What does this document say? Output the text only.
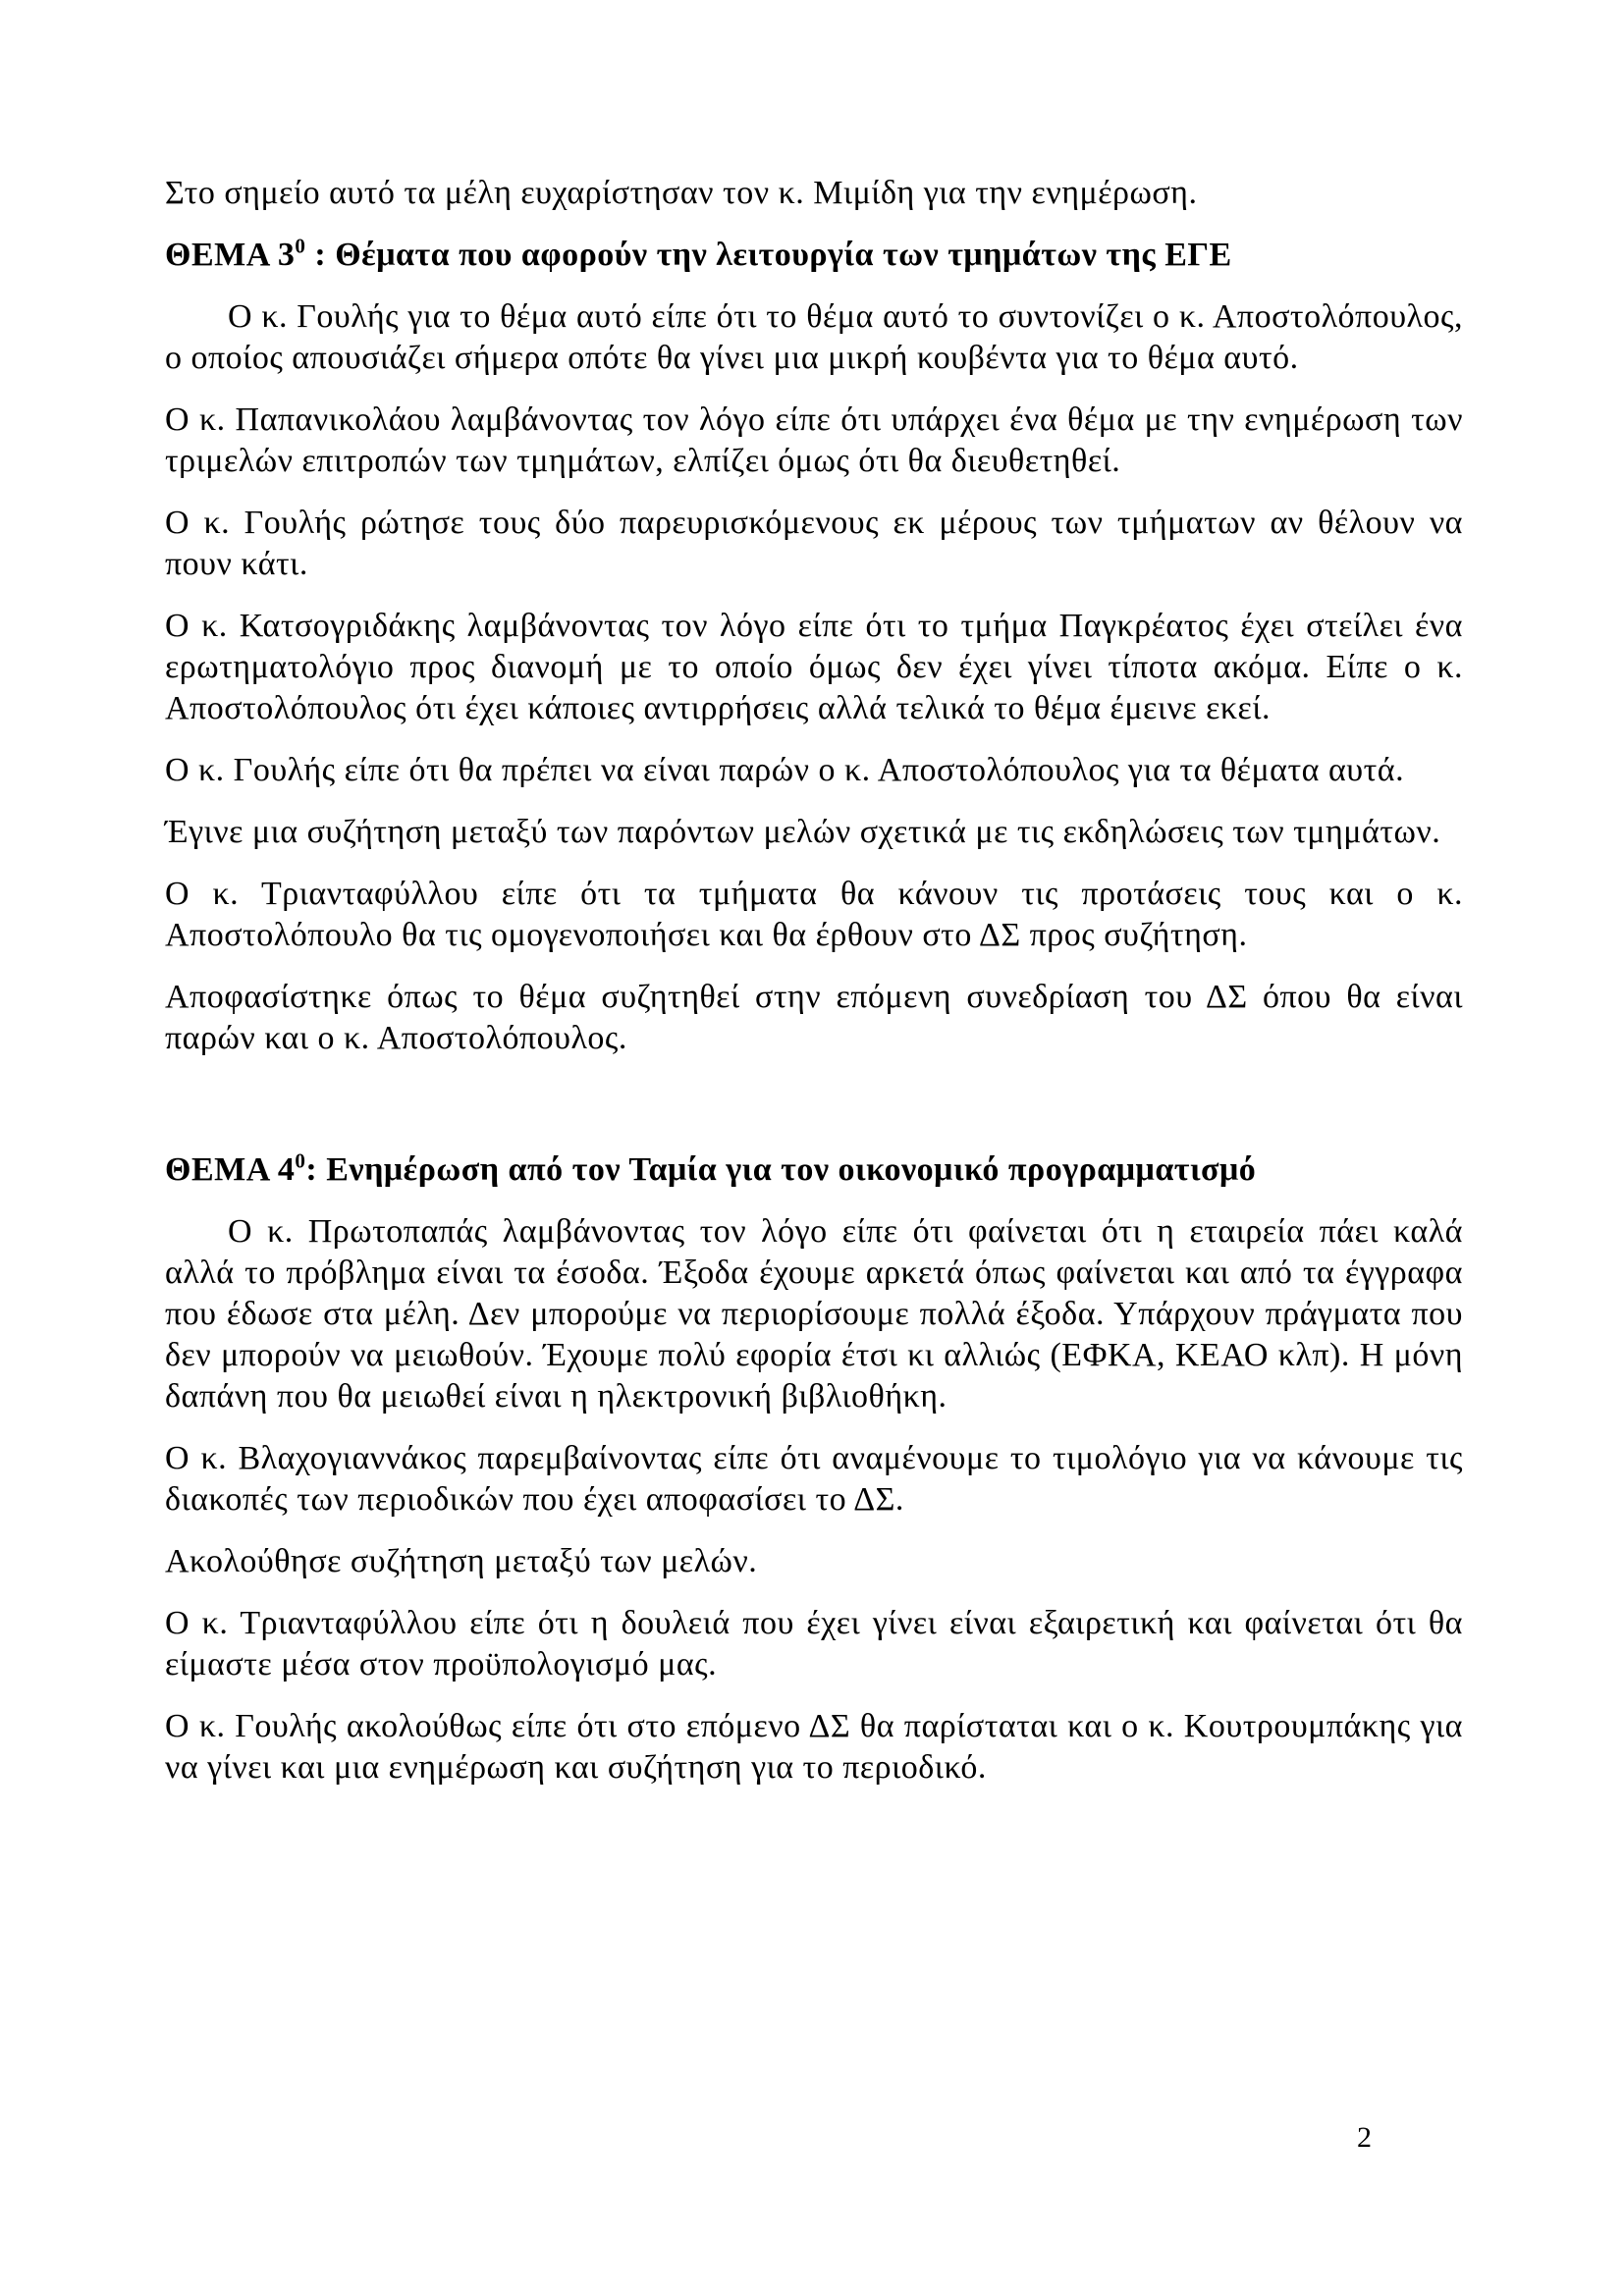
Στο σημείο αυτό τα μέλη ευχαρίστησαν τον κ. Μιμίδη για την ενημέρωση.

ΘΕΜΑ $3^0$ : Θέματα που αφορούν την λειτουργία των τμημάτων της ΕΓΕ

Ο κ. Γουλής για το θέμα αυτό είπε ότι το θέμα αυτό το συντονίζει ο κ. Αποστολόπουλος, ο οποίος απουσιάζει σήμερα οπότε θα γίνει μια μικρή κουβέντα για το θέμα αυτό.

Ο κ. Παπανικολάου λαμβάνοντας τον λόγο είπε ότι υπάρχει ένα θέμα με την ενημέρωση των τριμελών επιτροπών των τμημάτων, ελπίζει όμως ότι θα διευθετηθεί.

Ο κ. Γουλής ρώτησε τους δύο παρευρισκόμενους εκ μέρους των τμήματων αν θέλουν να πουν κάτι.

Ο κ. Κατσογριδάκης λαμβάνοντας τον λόγο είπε ότι το τμήμα Παγκρέατος έχει στείλει ένα ερωτηματολόγιο προς διανομή με το οποίο όμως δεν έχει γίνει τίποτα ακόμα. Είπε ο κ. Αποστολόπουλος ότι έχει κάποιες αντιρρήσεις αλλά τελικά το θέμα έμεινε εκεί.

Ο κ. Γουλής είπε ότι θα πρέπει να είναι παρών ο κ. Αποστολόπουλος για τα θέματα αυτά.

Έγινε μια συζήτηση μεταξύ των παρόντων μελών σχετικά με τις εκδηλώσεις των τμημάτων.

Ο κ. Τριανταφύλλου είπε ότι τα τμήματα θα κάνουν τις προτάσεις τους και ο κ. Αποστολόπουλο θα τις ομογενοποιήσει και θα έρθουν στο ΔΣ προς συζήτηση.

Αποφασίστηκε όπως το θέμα συζητηθεί στην επόμενη συνεδρίαση του ΔΣ όπου θα είναι παρών και ο κ. Αποστολόπουλος.

ΘΕΜΑ $4^0$: Ενημέρωση από τον Ταμία για τον οικονομικό προγραμματισμό

Ο κ. Πρωτοπαπάς λαμβάνοντας τον λόγο είπε ότι φαίνεται ότι η εταιρεία πάει καλά αλλά το πρόβλημα είναι τα έσοδα. Έξοδα έχουμε αρκετά όπως φαίνεται και από τα έγγραφα που έδωσε στα μέλη. Δεν μπορούμε να περιορίσουμε πολλά έξοδα. Υπάρχουν πράγματα που δεν μπορούν να μειωθούν. Έχουμε πολύ εφορία έτσι κι αλλιώς (ΕΦΚΑ, ΚΕΑΟ κλπ). Η μόνη δαπάνη που θα μειωθεί είναι η ηλεκτρονική βιβλιοθήκη.

Ο κ. Βλαχογιαννάκος παρεμβαίνοντας είπε ότι αναμένουμε το τιμολόγιο για να κάνουμε τις διακοπές των περιοδικών που έχει αποφασίσει το ΔΣ.

Ακολούθησε συζήτηση μεταξύ των μελών.

Ο κ. Τριανταφύλλου είπε ότι η δουλειά που έχει γίνει είναι εξαιρετική και φαίνεται ότι θα είμαστε μέσα στον προϋπολογισμό μας.

Ο κ. Γουλής ακολούθως είπε ότι στο επόμενο ΔΣ θα παρίσταται και ο κ. Κουτρουμπάκης για να γίνει και μια ενημέρωση και συζήτηση για το περιοδικό.

2
